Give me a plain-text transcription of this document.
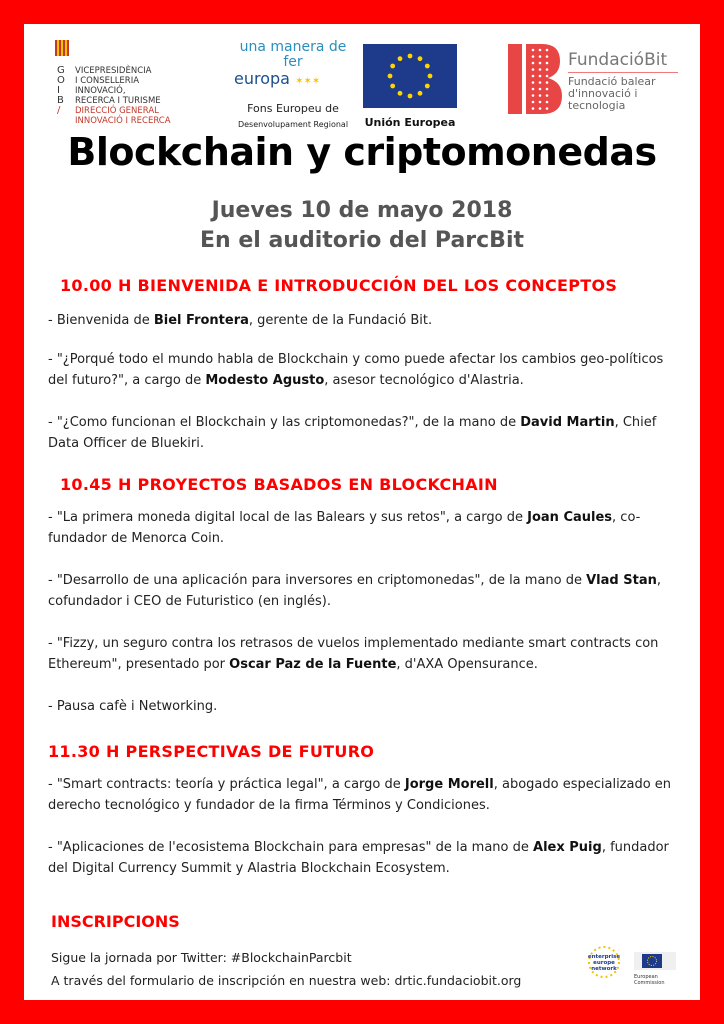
G
O
I
B
/
VICEPRESIDÈNCIA
I CONSELLERIA
INNOVACIÓ,
RECERCA I TURISME
DIRECCIÓ GENERAL
INNOVACIÓ I RECERCA
una manera de fer
europa ✶✶✶
Fons Europeu de
Desenvolupament Regional	Unión Europea
FundacióBit
Fundació balear
d'innovació i
tecnologia
Blockchain y criptomonedas
Jueves 10 de mayo 2018
En el auditorio del ParcBit
10.00 H BIENVENIDA E INTRODUCCIÓN DEL LOS CONCEPTOS
- Bienvenida de Biel Frontera, gerente de la Fundació Bit.
- "¿Porqué todo el mundo habla de Blockchain y como puede afectar los cambios geo-políticos del futuro?", a cargo de Modesto Agusto, asesor tecnológico d'Alastria.
- "¿Como funcionan el Blockchain y las criptomonedas?", de la mano de David Martin, Chief Data Officer de Bluekiri.
10.45 H PROYECTOS BASADOS EN BLOCKCHAIN
- "La primera moneda digital local de las Balears y sus retos", a cargo de Joan Caules, co-fundador de Menorca Coin.
- "Desarrollo de una aplicación para inversores en criptomonedas", de la mano de Vlad Stan, cofundador i CEO de Futuristico (en inglés).
- "Fizzy, un seguro contra los retrasos de vuelos implementado mediante smart contracts con Ethereum", presentado por Oscar Paz de la Fuente, d'AXA Opensurance.
- Pausa cafè i Networking.
11.30 H PERSPECTIVAS DE FUTURO
- "Smart contracts: teoría y práctica legal", a cargo de Jorge Morell, abogado especializado en derecho tecnológico y fundador de la firma Términos y Condiciones.
- "Aplicaciones de l'ecosistema Blockchain para empresas" de la mano de Alex Puig, fundador del Digital Currency Summit y Alastria Blockchain Ecosystem.
INSCRIPCIONS
Sigue la jornada por Twitter: #BlockchainParcbit
A través del formulario de inscripción en nuestra web: drtic.fundaciobit.org
enterprise
europe
network
European
Commission
